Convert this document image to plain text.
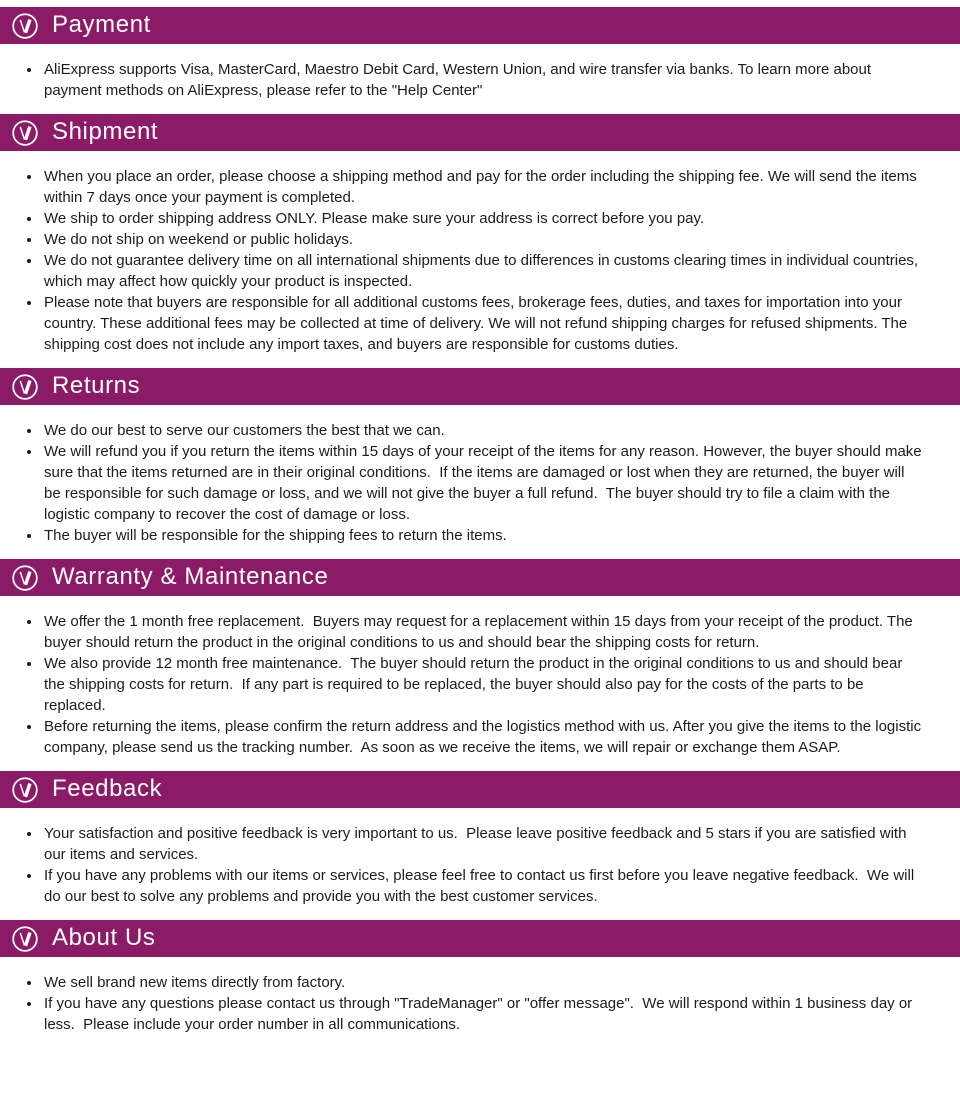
Payment
• AliExpress supports Visa, MasterCard, Maestro Debit Card, Western Union, and wire transfer via banks. To learn more about payment methods on AliExpress, please refer to the "Help Center"
Shipment
• When you place an order, please choose a shipping method and pay for the order including the shipping fee. We will send the items within 7 days once your payment is completed.
• We ship to order shipping address ONLY. Please make sure your address is correct before you pay.
• We do not ship on weekend or public holidays.
• We do not guarantee delivery time on all international shipments due to differences in customs clearing times in individual countries, which may affect how quickly your product is inspected.
• Please note that buyers are responsible for all additional customs fees, brokerage fees, duties, and taxes for importation into your country. These additional fees may be collected at time of delivery. We will not refund shipping charges for refused shipments. The shipping cost does not include any import taxes, and buyers are responsible for customs duties.
Returns
• We do our best to serve our customers the best that we can.
• We will refund you if you return the items within 15 days of your receipt of the items for any reason. However, the buyer should make sure that the items returned are in their original conditions.  If the items are damaged or lost when they are returned, the buyer will be responsible for such damage or loss, and we will not give the buyer a full refund.  The buyer should try to file a claim with the logistic company to recover the cost of damage or loss.
• The buyer will be responsible for the shipping fees to return the items.
Warranty & Maintenance
• We offer the 1 month free replacement.  Buyers may request for a replacement within 15 days from your receipt of the product. The buyer should return the product in the original conditions to us and should bear the shipping costs for return.
• We also provide 12 month free maintenance.  The buyer should return the product in the original conditions to us and should bear the shipping costs for return.  If any part is required to be replaced, the buyer should also pay for the costs of the parts to be replaced.
• Before returning the items, please confirm the return address and the logistics method with us. After you give the items to the logistic company, please send us the tracking number.  As soon as we receive the items, we will repair or exchange them ASAP.
Feedback
• Your satisfaction and positive feedback is very important to us.  Please leave positive feedback and 5 stars if you are satisfied with our items and services.
• If you have any problems with our items or services, please feel free to contact us first before you leave negative feedback.  We will do our best to solve any problems and provide you with the best customer services.
About Us
• We sell brand new items directly from factory.
• If you have any questions please contact us through "TradeManager" or "offer message".  We will respond within 1 business day or less.  Please include your order number in all communications.
